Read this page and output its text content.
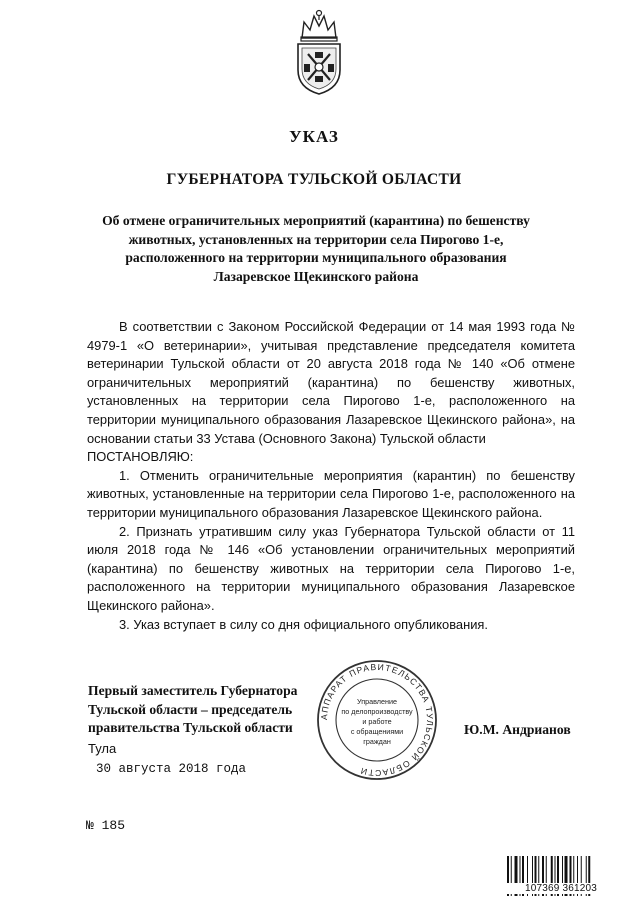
УКАЗ
ГУБЕРНАТОРА ТУЛЬСКОЙ ОБЛАСТИ
Об отмене ограничительных мероприятий (карантина) по бешенству
животных, установленных на территории села Пирогово 1-е,
расположенного на территории муниципального образования
Лазаревское Щекинского района

В соответствии с Законом Российской Федерации от 14 мая 1993 года № 4979-1 «О ветеринарии», учитывая представление председателя комитета ветеринарии Тульской области от 20 августа 2018 года № 140 «Об отмене ограничительных мероприятий (карантина) по бешенству животных, установленных на территории села Пирогово 1-е, расположенного на территории муниципального образования Лазаревское Щекинского района», на основании статьи 33 Устава (Основного Закона) Тульской области

ПОСТАНОВЛЯЮ:

1. Отменить ограничительные мероприятия (карантин) по бешенству животных, установленные на территории села Пирогово 1-е, расположенного на территории муниципального образования Лазаревское Щекинского района.

2. Признать утратившим силу указ Губернатора Тульской области от 11 июля 2018 года № 146 «Об установлении ограничительных мероприятий (карантина) по бешенству животных на территории села Пирогово 1-е, расположенного на территории муниципального образования Лазаревское Щекинского района».

3. Указ вступает в силу со дня официального опубликования.

Первый заместитель Губернатора
Тульской области – председатель
правительства Тульской области
АППАРАТ ПРАВИТЕЛЬСТВА ТУЛЬСКОЙ ОБЛАСТИ
Управление
по делопроизводству
и работе
с обращениями
граждан
Ю.М. Андрианов
Тула
30 августа 2018 года
№ 185
107369 361203
